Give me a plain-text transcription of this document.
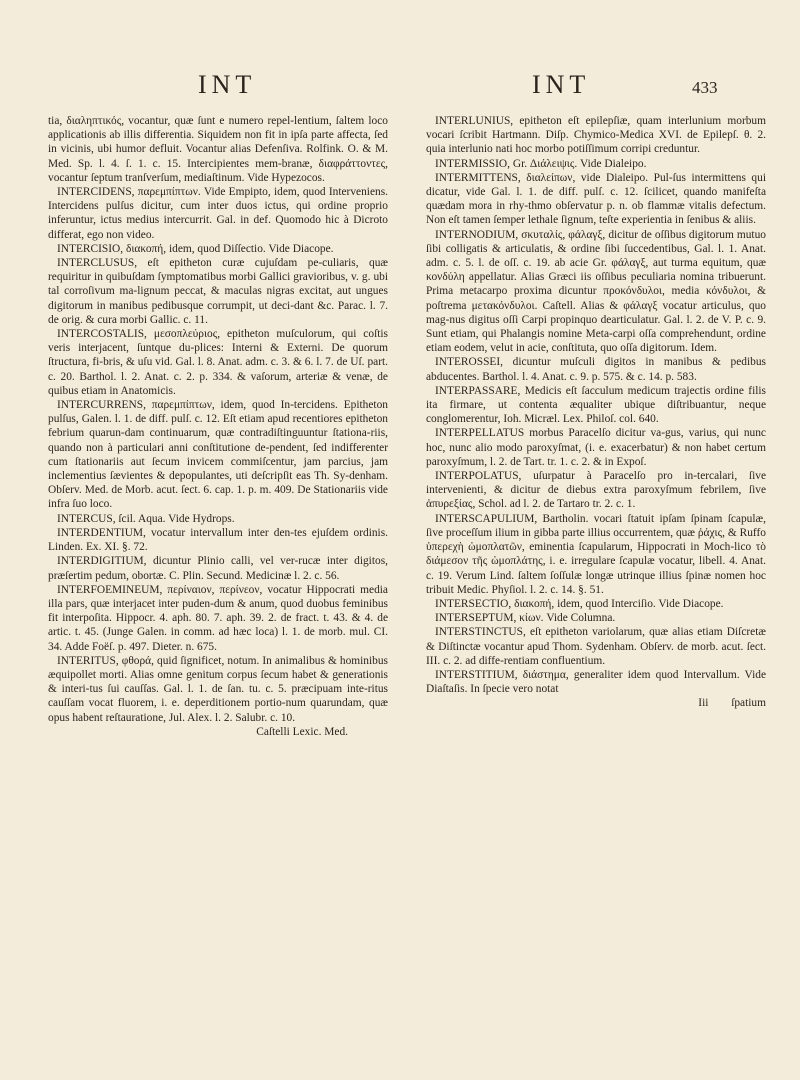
INT	INT	433

tia, διαληπτικός, vocantur, quæ ſunt e numero repel-lentium, ſaltem loco applicationis ab illis differentia. Siquidem non fit in ipſa parte affecta, ſed in vicinis, ubi humor defluit. Vocantur alias Defenſiva. Rolfink. O. & M. Med. Sp. l. 4. ſ. 1. c. 15. Intercipientes mem-branæ, διαφράττοντες, vocantur ſeptum tranſverſum, mediaſtinum. Vide Hypezocos.

INTERCIDENS, παρεμπίπτων. Vide Empipto, idem, quod Interveniens. Intercidens pulſus dicitur, cum inter duos ictus, qui ordine proprio inferuntur, ictus medius intercurrit. Gal. in def. Quomodo hic à Dicroto differat, ego non video.

INTERCISIO, διακοπή, idem, quod Diſſectio. Vide Diacope.

INTERCLUSUS, eſt epitheton curæ cujuſdam pe-culiaris, quæ requiritur in quibuſdam ſymptomatibus morbi Gallici gravioribus, v. g. ubi tal corroſivum ma-lignum peccat, & maculas nigras excitat, aut ungues digitorum in manibus pedibusque corrumpit, ut deci-dant &c. Parac. l. 7. de orig. & cura morbi Gallic. c. 11.

INTERCOSTALIS, μεσοπλεύριος, epitheton muſculorum, qui coſtis veris interjacent, ſuntque du-plices: Interni & Externi. De quorum ſtructura, fi-bris, & uſu vid. Gal. l. 8. Anat. adm. c. 3. & 6. l. 7. de Uſ. part. c. 20. Barthol. l. 2. Anat. c. 2. p. 334. & vaſorum, arteriæ & venæ, de quibus etiam in Anatomicis.

INTERCURRENS, παρεμπίπτων, idem, quod In-tercidens. Epitheton pulſus, Galen. l. 1. de diff. pulſ. c. 12. Eſt etiam apud recentiores epitheton febrium quarun-dam continuarum, quæ contradiſtinguuntur ſtationa-riis, quando non à particulari anni conſtitutione de-pendent, ſed indifferenter cum ſtationariis aut ſecum invicem commiſcentur, jam parcius, jam inclementius ſævientes & depopulantes, uti deſcripſit eas Th. Sy-denham. Obſerv. Med. de Morb. acut. ſect. 6. cap. 1. p. m. 409. De Stationariis vide infra ſuo loco.

INTERCUS, ſcil. Aqua. Vide Hydrops.

INTERDENTIUM, vocatur intervallum inter den-tes ejuſdem ordinis. Linden. Ex. XI. §. 72.

INTERDIGITIUM, dicuntur Plinio calli, vel ver-rucæ inter digitos, præſertim pedum, obortæ. C. Plin. Secund. Medicinæ l. 2. c. 56.

INTERFOEMINEUM, περίναιον, περίνεον, vocatur Hippocrati media illa pars, quæ interjacet inter puden-dum & anum, quod duobus feminibus fit interpoſita. Hippocr. 4. aph. 80. 7. aph. 39. 2. de fract. t. 43. & 4. de artic. t. 45. (Junge Galen. in comm. ad hæc loca) l. 1. de morb. mul. CI. 34. Adde Foëſ. p. 497. Dieter. n. 675.

INTERITUS, φθορά, quid ſignificet, notum. In animalibus & hominibus æquipollet morti. Alias omne genitum corpus ſecum habet & generationis & interi-tus ſui cauſſas. Gal. l. 1. de ſan. tu. c. 5. præcipuam inte-ritus cauſſam vocat fluorem, i. e. deperditionem portio-num quarundam, quæ opus habent reſtauratione, Jul. Alex. l. 2. Salubr. c. 10.

Caſtelli Lexic. Med.

INTERLUNIUS, epitheton eſt epilepſiæ, quam interlunium morbum vocari ſcribit Hartmann. Diſp. Chymico-Medica XVI. de Epilepſ. θ. 2. quia interlunio nati hoc morbo potiſſimum corripi creduntur.

INTERMISSIO, Gr. Διάλειψις. Vide Dialeipo.

INTERMITTENS, διαλείπων, vide Dialeipo. Pul-ſus intermittens qui dicatur, vide Gal. l. 1. de diff. pulſ. c. 12. ſcilicet, quando manifeſta quædam mora in rhy-thmo obſervatur p. n. ob flammæ vitalis defectum. Non eſt tamen ſemper lethale ſignum, teſte experientia in ſenibus & aliis.

INTERNODIUM, σκυταλίς, φάλαγξ, dicitur de oſſibus digitorum mutuo ſibi colligatis & articulatis, & ordine ſibi ſuccedentibus, Gal. l. 1. Anat. adm. c. 5. l. de oſſ. c. 19. ab acie Gr. φάλαγξ, aut turma equitum, quæ κονδύλη appellatur. Alias Græci iis oſſibus peculiaria nomina tribuerunt. Prima metacarpo proxima dicuntur προκόνδυλοι, media κόνδυλοι, & poſtrema μετακόνδυλοι. Caſtell. Alias & φάλαγξ vocatur articulus, quo mag-nus digitus oſſi Carpi propinquo dearticulatur. Gal. l. 2. de V. P. c. 9. Sunt etiam, qui Phalangis nomine Meta-carpi oſſa comprehendunt, ordine etiam eodem, velut in acie, conſtituta, quo oſſa digitorum. Idem.

INTEROSSEI, dicuntur muſculi digitos in manibus & pedibus abducentes. Barthol. l. 4. Anat. c. 9. p. 575. & c. 14. p. 583.

INTERPASSARE, Medicis eſt ſacculum medicum trajectis ordine filis ita firmare, ut contenta æqualiter ubique diſtribuantur, neque conglomerentur, Ioh. Micræl. Lex. Philoſ. col. 640.

INTERPELLATUS morbus Paracelſo dicitur va-gus, varius, qui nunc hoc, nunc alio modo paroxyſmat, (i. e. exacerbatur) & non habet certum paroxyſmum, l. 2. de Tart. tr. 1. c. 2. & in Expoſ.

INTERPOLATUS, uſurpatur à Paracelſo pro in-tercalari, ſive intervenienti, & dicitur de diebus extra paroxyſmum febrilem, ſive ἀπυρεξίας, Schol. ad l. 2. de Tartaro tr. 2. c. 1.

INTERSCAPULIUM, Bartholin. vocari ſtatuit ipſam ſpinam ſcapulæ, ſive proceſſum ilium in gibba parte illius occurrentem, quæ ῥάχις, & Ruffo ὑπερεχὴ ὠμοπλατῶν, eminentia ſcapularum, Hippocrati in Moch-lico τὸ διάμεσον τῆς ὠμοπλάτης, i. e. irregulare ſcapulæ vocatur, libell. 4. Anat. c. 19. Verum Lind. ſaltem ſoſſulæ longæ utrinque illius ſpinæ nomen hoc tribuit Medic. Phyſiol. l. 2. c. 14. §. 51.

INTERSECTIO, διακοπή, idem, quod Interciſio. Vide Diacope.

INTERSEPTUM, κίων. Vide Columna.

INTERSTINCTUS, eſt epitheton variolarum, quæ alias etiam Diſcretæ & Diſtinctæ vocantur apud Thom. Sydenham. Obſerv. de morb. acut. ſect. III. c. 2. ad diffe-rentiam confluentium.

INTERSTITIUM, διάστημα, generaliter idem quod Intervallum. Vide Diaſtaſis. In ſpecie vero notat

Iii ſpatium
